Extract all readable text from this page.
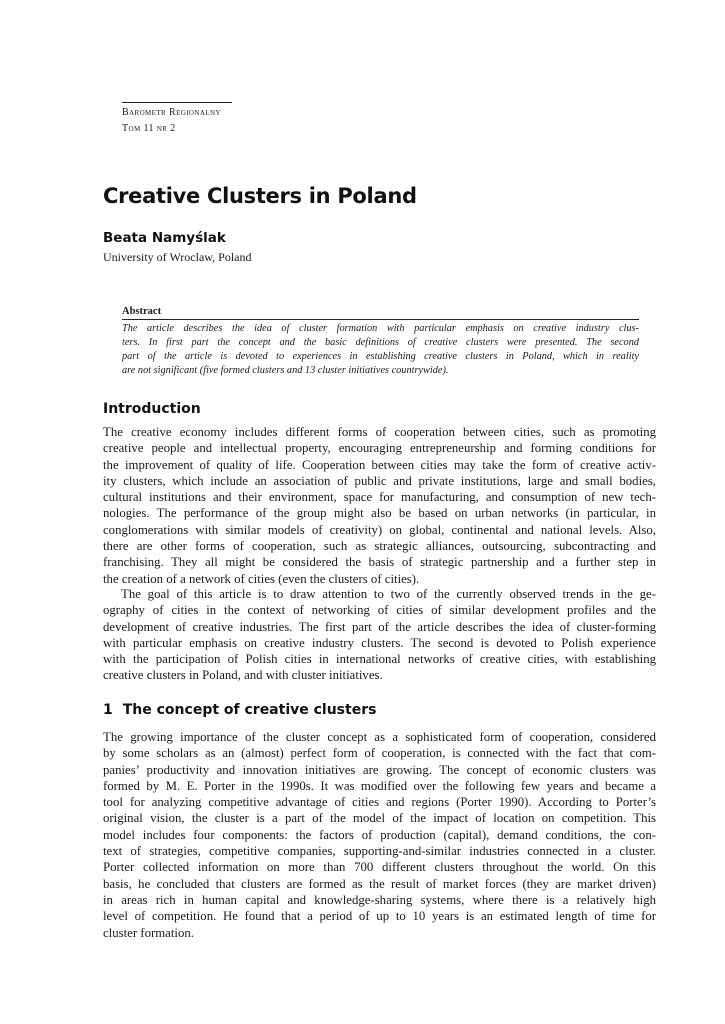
Barometr Regionalny
Tom 11 nr 2
Creative Clusters in Poland
Beata Namyślak
University of Wroclaw, Poland
Abstract
The article describes the idea of cluster formation with particular emphasis on creative industry clus-
ters. In first part the concept and the basic definitions of creative clusters were presented. The second
part of the article is devoted to experiences in establishing creative clusters in Poland, which in reality
are not significant (five formed clusters and 13 cluster initiatives countrywide).
Introduction
The creative economy includes different forms of cooperation between cities, such as promoting
creative people and intellectual property, encouraging entrepreneurship and forming conditions for
the improvement of quality of life. Cooperation between cities may take the form of creative activ-
ity clusters, which include an association of public and private institutions, large and small bodies,
cultural institutions and their environment, space for manufacturing, and consumption of new tech-
nologies. The performance of the group might also be based on urban networks (in particular, in
conglomerations with similar models of creativity) on global, continental and national levels. Also,
there are other forms of cooperation, such as strategic alliances, outsourcing, subcontracting and
franchising. They all might be considered the basis of strategic partnership and a further step in
the creation of a network of cities (even the clusters of cities).
The goal of this article is to draw attention to two of the currently observed trends in the ge-
ography of cities in the context of networking of cities of similar development profiles and the
development of creative industries. The first part of the article describes the idea of cluster-forming
with particular emphasis on creative industry clusters. The second is devoted to Polish experience
with the participation of Polish cities in international networks of creative cities, with establishing
creative clusters in Poland, and with cluster initiatives.
1 The concept of creative clusters
The growing importance of the cluster concept as a sophisticated form of cooperation, considered
by some scholars as an (almost) perfect form of cooperation, is connected with the fact that com-
panies’ productivity and innovation initiatives are growing. The concept of economic clusters was
formed by M. E. Porter in the 1990s. It was modified over the following few years and became a
tool for analyzing competitive advantage of cities and regions (Porter 1990). According to Porter’s
original vision, the cluster is a part of the model of the impact of location on competition. This
model includes four components: the factors of production (capital), demand conditions, the con-
text of strategies, competitive companies, supporting-and-similar industries connected in a cluster.
Porter collected information on more than 700 different clusters throughout the world. On this
basis, he concluded that clusters are formed as the result of market forces (they are market driven)
in areas rich in human capital and knowledge-sharing systems, where there is a relatively high
level of competition. He found that a period of up to 10 years is an estimated length of time for
cluster formation.
